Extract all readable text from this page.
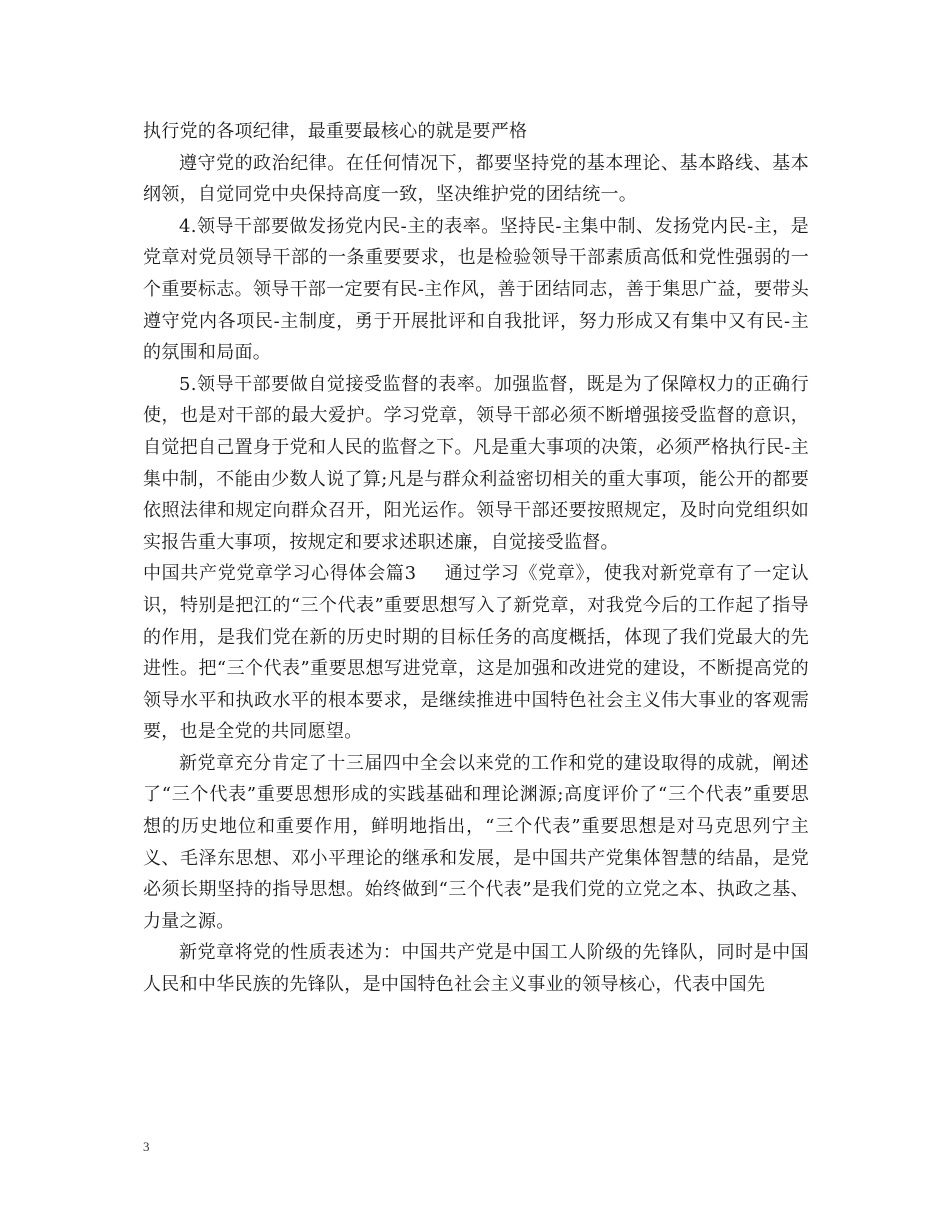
执行党的各项纪律，最重要最核心的就是要严格

遵守党的政治纪律。在任何情况下，都要坚持党的基本理论、基本路线、基本纲领，自觉同党中央保持高度一致，坚决维护党的团结统一。

4.领导干部要做发扬党内民-主的表率。坚持民-主集中制、发扬党内民-主，是党章对党员领导干部的一条重要要求，也是检验领导干部素质高低和党性强弱的一个重要标志。领导干部一定要有民-主作风，善于团结同志，善于集思广益，要带头遵守党内各项民-主制度，勇于开展批评和自我批评，努力形成又有集中又有民-主的氛围和局面。

5.领导干部要做自觉接受监督的表率。加强监督，既是为了保障权力的正确行使，也是对干部的最大爱护。学习党章，领导干部必须不断增强接受监督的意识，自觉把自己置身于党和人民的监督之下。凡是重大事项的决策，必须严格执行民-主集中制，不能由少数人说了算;凡是与群众利益密切相关的重大事项，能公开的都要依照法律和规定向群众召开，阳光运作。领导干部还要按照规定，及时向党组织如实报告重大事项，按规定和要求述职述廉，自觉接受监督。

中国共产党党章学习心得体会篇3 通过学习《党章》，使我对新党章有了一定认识，特别是把江的“三个代表”重要思想写入了新党章，对我党今后的工作起了指导的作用，是我们党在新的历史时期的目标任务的高度概括，体现了我们党最大的先进性。把“三个代表”重要思想写进党章，这是加强和改进党的建设，不断提高党的领导水平和执政水平的根本要求，是继续推进中国特色社会主义伟大事业的客观需要，也是全党的共同愿望。

新党章充分肯定了十三届四中全会以来党的工作和党的建设取得的成就，阐述了“三个代表”重要思想形成的实践基础和理论渊源;高度评价了“三个代表”重要思想的历史地位和重要作用，鲜明地指出，“三个代表”重要思想是对马克思列宁主义、毛泽东思想、邓小平理论的继承和发展，是中国共产党集体智慧的结晶，是党必须长期坚持的指导思想。始终做到“三个代表”是我们党的立党之本、执政之基、力量之源。

新党章将党的性质表述为：中国共产党是中国工人阶级的先锋队，同时是中国人民和中华民族的先锋队，是中国特色社会主义事业的领导核心，代表中国先

3
